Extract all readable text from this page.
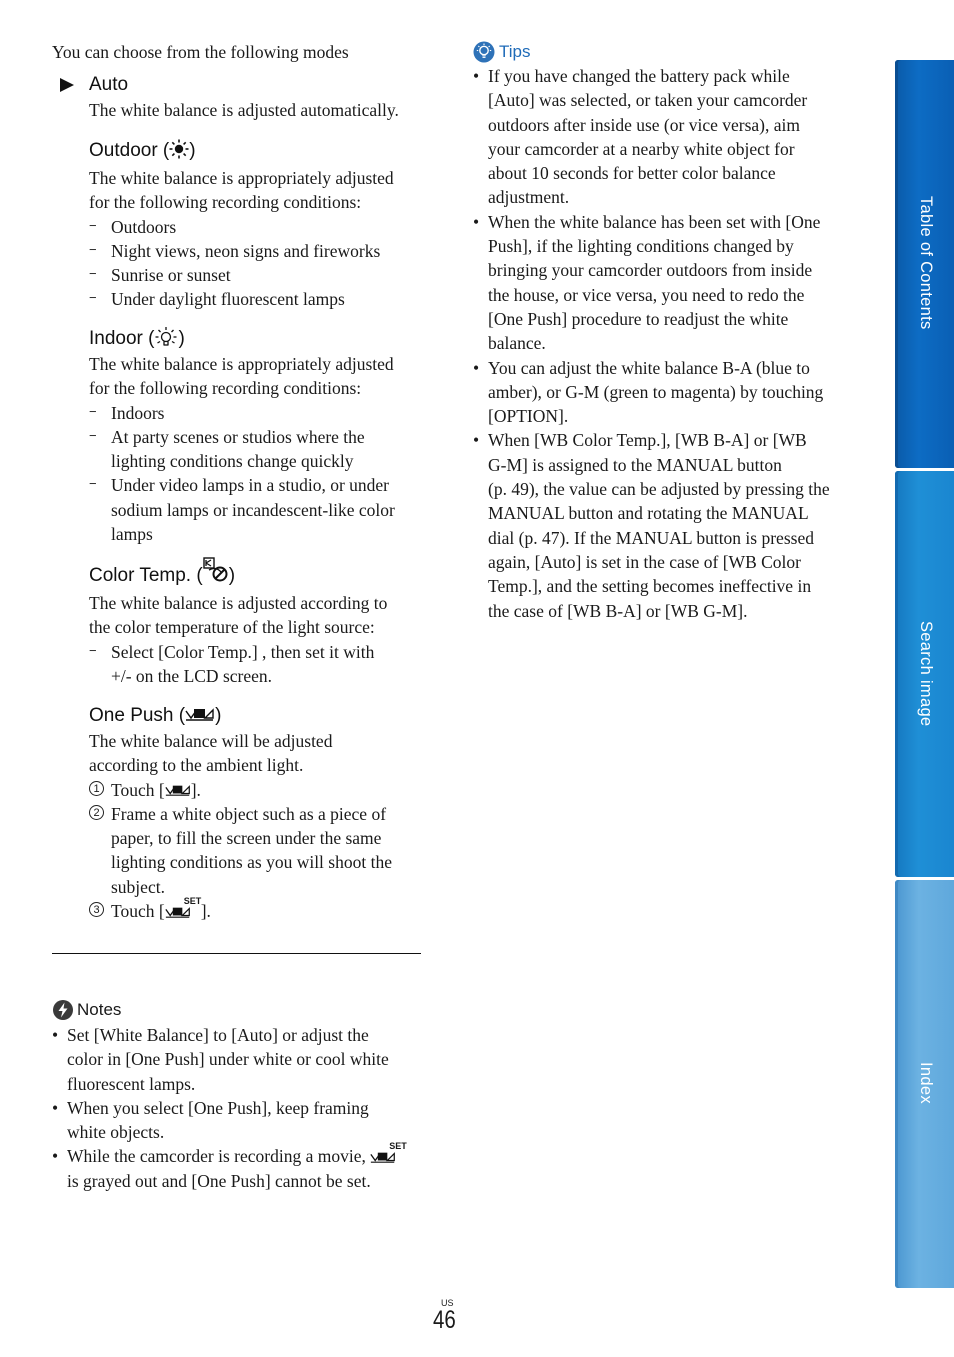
You can choose from the following modes
Auto
The white balance is adjusted automatically.
Outdoor ( )
The white balance is appropriately adjusted
for the following recording conditions:
− Outdoors
− Night views, neon signs and fireworks
− Sunrise or sunset
− Under daylight fluorescent lamps
Indoor ( )
The white balance is appropriately adjusted
for the following recording conditions:
− Indoors
− At party scenes or studios where the
lighting conditions change quickly
− Under video lamps in a studio, or under
sodium lamps or incandescent-like color
lamps
Color Temp. ( )
The white balance is adjusted according to
the color temperature of the light source:
− Select [Color Temp.] , then set it with
+/- on the LCD screen.
One Push ( )
The white balance will be adjusted
according to the ambient light.
1 Touch [ ].
2 Frame a white object such as a piece of
paper, to fill the screen under the same
lighting conditions as you will shoot the
subject.
3 Touch [
SET
].
Notes
• Set [White Balance] to [Auto] or adjust the
color in [One Push] under white or cool white
fluorescent lamps.
• When you select [One Push], keep framing
white objects.
• While the camcorder is recording a movie,
SET
is grayed out and [One Push] cannot be set.
Tips
• If you have changed the battery pack while
[Auto] was selected, or taken your camcorder
outdoors after inside use (or vice versa), aim
your camcorder at a nearby white object for
about 10 seconds for better color balance
adjustment.
• When the white balance has been set with [One
Push], if the lighting conditions changed by
bringing your camcorder outdoors from inside
the house, or vice versa, you need to redo the
[One Push] procedure to readjust the white
balance.
• You can adjust the white balance B-A (blue to
amber), or G-M (green to magenta) by touching
[OPTION].
• When [WB Color Temp.], [WB B-A] or [WB
G-M] is assigned to the MANUAL button
(p. 49), the value can be adjusted by pressing the
MANUAL button and rotating the MANUAL
dial (p. 47). If the MANUAL button is pressed
again, [Auto] is set in the case of [WB Color
Temp.], and the setting becomes ineffective in
the case of [WB B-A] or [WB G-M].
Table of Contents
Search image
Index
US
46
